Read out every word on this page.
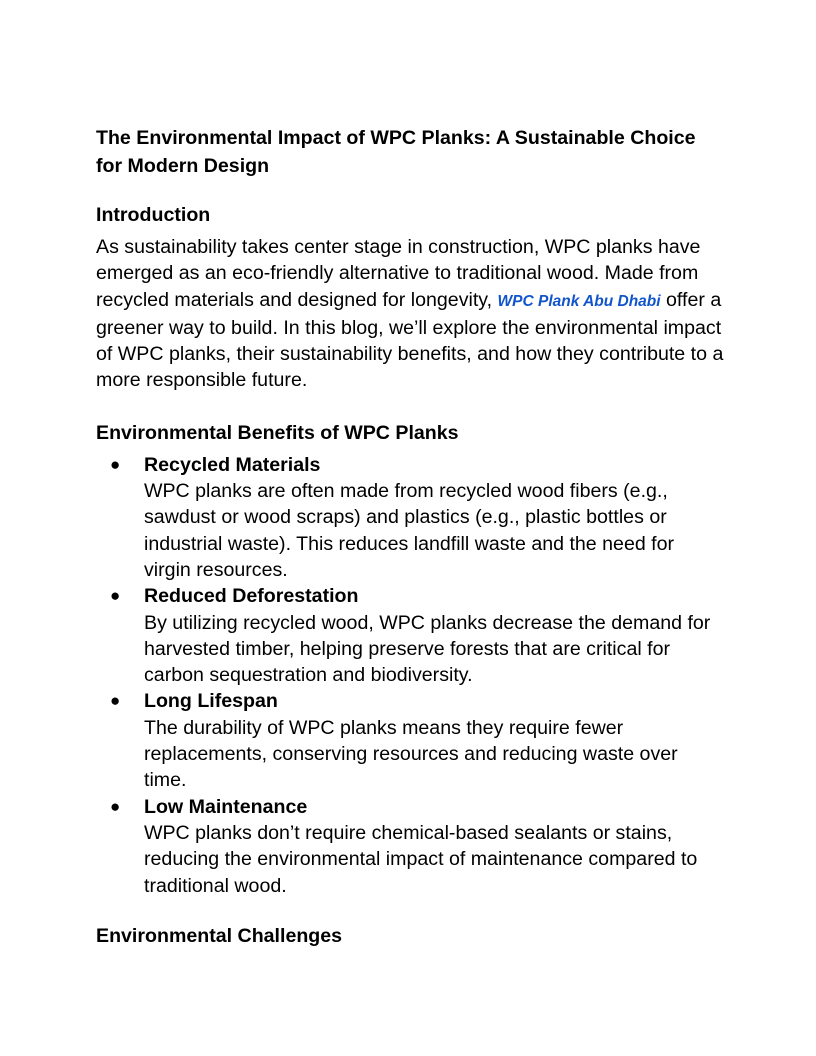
The Environmental Impact of WPC Planks: A Sustainable Choice for Modern Design
Introduction

As sustainability takes center stage in construction, WPC planks have emerged as an eco-friendly alternative to traditional wood. Made from recycled materials and designed for longevity, WPC Plank Abu Dhabi offer a greener way to build. In this blog, we’ll explore the environmental impact of WPC planks, their sustainability benefits, and how they contribute to a more responsible future.

Environmental Benefits of WPC Planks
● Recycled Materials
WPC planks are often made from recycled wood fibers (e.g., sawdust or wood scraps) and plastics (e.g., plastic bottles or industrial waste). This reduces landfill waste and the need for virgin resources.
● Reduced Deforestation
By utilizing recycled wood, WPC planks decrease the demand for harvested timber, helping preserve forests that are critical for carbon sequestration and biodiversity.
● Long Lifespan
The durability of WPC planks means they require fewer replacements, conserving resources and reducing waste over time.
● Low Maintenance
WPC planks don’t require chemical-based sealants or stains, reducing the environmental impact of maintenance compared to traditional wood.
Environmental Challenges
